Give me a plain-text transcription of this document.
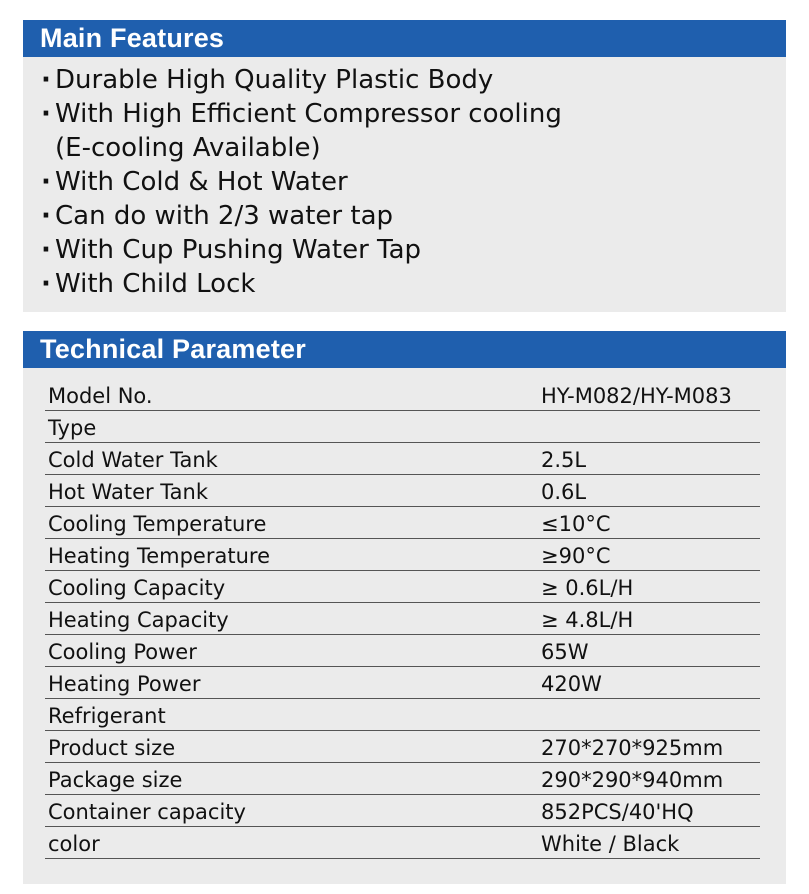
Main Features
· Durable High Quality Plastic Body
· With High Efficient Compressor cooling
(E-cooling Available)
· With Cold & Hot Water
· Can do with 2/3 water tap
· With Cup Pushing Water Tap
· With Child Lock
Technical Parameter
Model No.	HY-M082/HY-M083
Type	
Cold Water Tank	2.5L
Hot Water Tank	0.6L
Cooling Temperature	≤10°C
Heating Temperature	≥90°C
Cooling Capacity	≥ 0.6L/H
Heating Capacity	≥ 4.8L/H
Cooling Power	65W
Heating Power	420W
Refrigerant	
Product size	270*270*925mm
Package size	290*290*940mm
Container capacity	852PCS/40'HQ
color	White / Black
